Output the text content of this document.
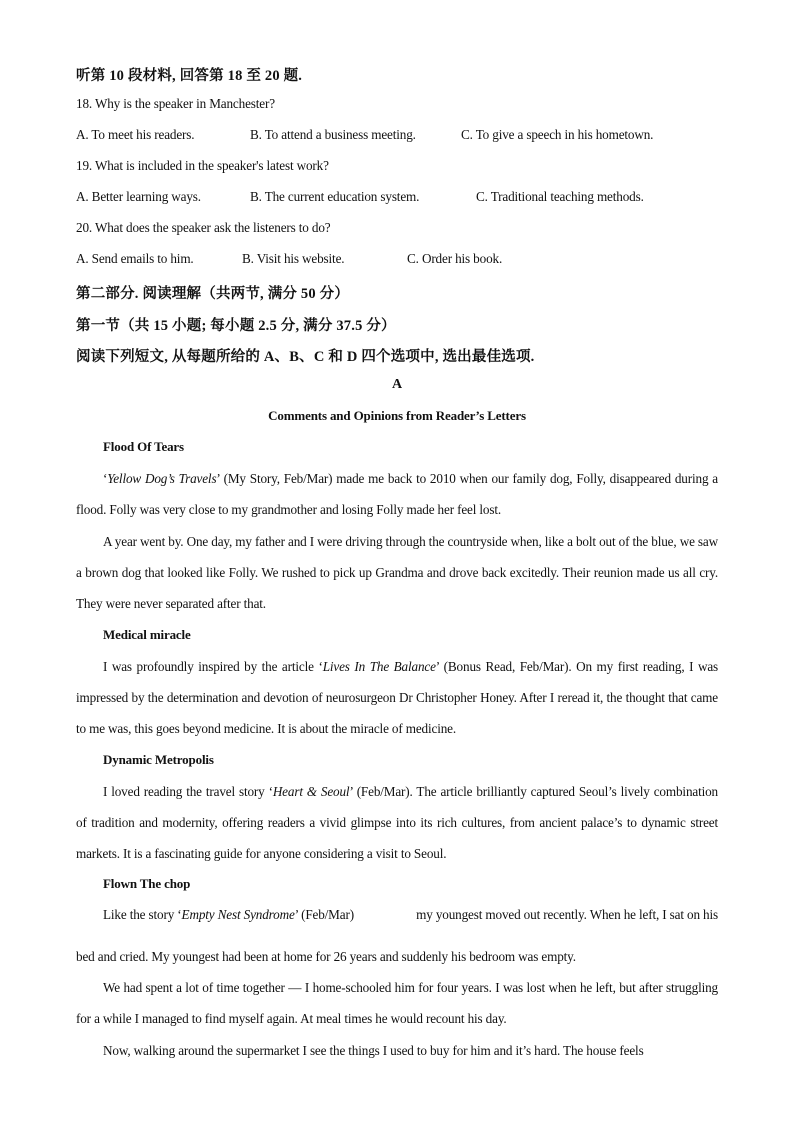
听第 10 段材料, 回答第 18 至 20 题.
18. Why is the speaker in Manchester?
A. To meet his readers.	B. To attend a business meeting.	C. To give a speech in his hometown.
19. What is included in the speaker's latest work?
A. Better learning ways.	B. The current education system.	C. Traditional teaching methods.
20. What does the speaker ask the listeners to do?
A. Send emails to him.	B. Visit his website.	C. Order his book.
第二部分. 阅读理解（共两节, 满分 50 分）
第一节（共 15 小题; 每小题 2.5 分, 满分 37.5 分）
阅读下列短文, 从每题所给的 A、B、C 和 D 四个选项中, 选出最佳选项.
A
Comments and Opinions from Reader’s Letters
Flood Of Tears
‘Yellow Dog’s Travels’ (My Story, Feb/Mar) made me back to 2010 when our family dog, Folly, disappeared during a flood. Folly was very close to my grandmother and losing Folly made her feel lost.
A year went by. One day, my father and I were driving through the countryside when, like a bolt out of the blue, we saw a brown dog that looked like Folly. We rushed to pick up Grandma and drove back excitedly. Their reunion made us all cry. They were never separated after that.
Medical miracle
I was profoundly inspired by the article ‘Lives In The Balance’ (Bonus Read, Feb/Mar). On my first reading, I was impressed by the determination and devotion of neurosurgeon Dr Christopher Honey. After I reread it, the thought that came to me was, this goes beyond medicine. It is about the miracle of medicine.
Dynamic Metropolis
I loved reading the travel story ‘Heart & Seoul’ (Feb/Mar). The article brilliantly captured Seoul’s lively combination of tradition and modernity, offering readers a vivid glimpse into its rich cultures, from ancient palace’s to dynamic street markets. It is a fascinating guide for anyone considering a visit to Seoul.
Flown The chop
Like the story ‘Empty Nest Syndrome’ (Feb/Mar)	my youngest moved out recently. When he left, I sat on his
bed and cried. My youngest had been at home for 26 years and suddenly his bedroom was empty.
We had spent a lot of time together — I home-schooled him for four years. I was lost when he left, but after struggling for a while I managed to find myself again. At meal times he would recount his day.
Now, walking around the supermarket I see the things I used to buy for him and it’s hard. The house feels
